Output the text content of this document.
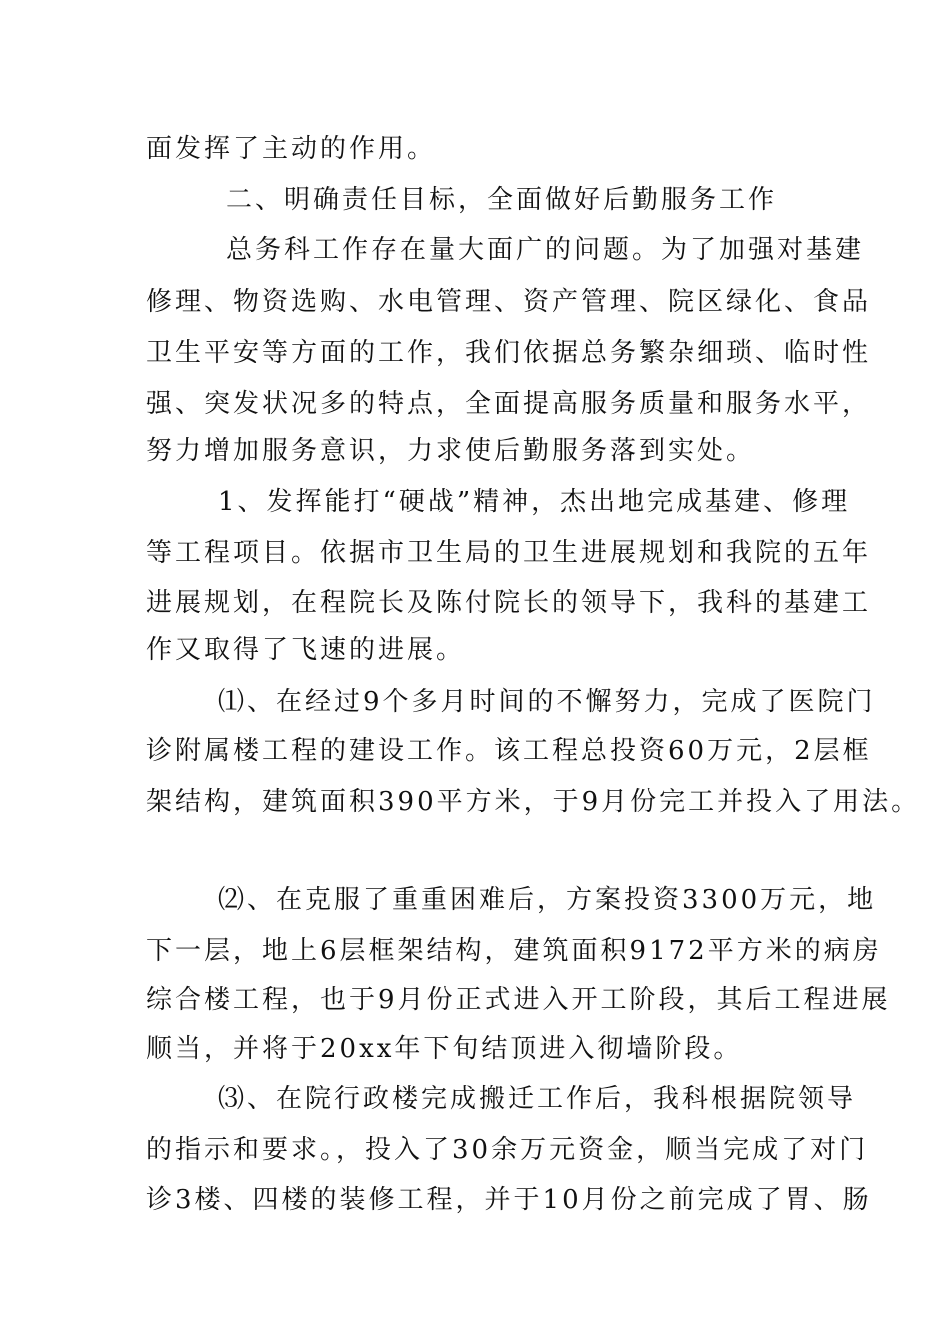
面发挥了主动的作用。
二、明确责任目标，全面做好后勤服务工作
总务科工作存在量大面广的问题。为了加强对基建
修理、物资选购、水电管理、资产管理、院区绿化、食品
卫生平安等方面的工作，我们依据总务繁杂细琐、临时性
强、突发状况多的特点，全面提高服务质量和服务水平，
努力增加服务意识，力求使后勤服务落到实处。
1、发挥能打“硬战”精神，杰出地完成基建、修理
等工程项目。依据市卫生局的卫生进展规划和我院的五年
进展规划，在程院长及陈付院长的领导下，我科的基建工
作又取得了飞速的进展。
⑴、在经过9个多月时间的不懈努力，完成了医院门
诊附属楼工程的建设工作。该工程总投资60万元，2层框
架结构，建筑面积390平方米，于9月份完工并投入了用法。
⑵、在克服了重重困难后，方案投资3300万元，地
下一层，地上6层框架结构，建筑面积9172平方米的病房
综合楼工程，也于9月份正式进入开工阶段，其后工程进展
顺当，并将于20xx年下旬结顶进入彻墙阶段。
⑶、在院行政楼完成搬迁工作后，我科根据院领导
的指示和要求。，投入了30余万元资金，顺当完成了对门
诊3楼、四楼的装修工程，并于10月份之前完成了胃、肠
